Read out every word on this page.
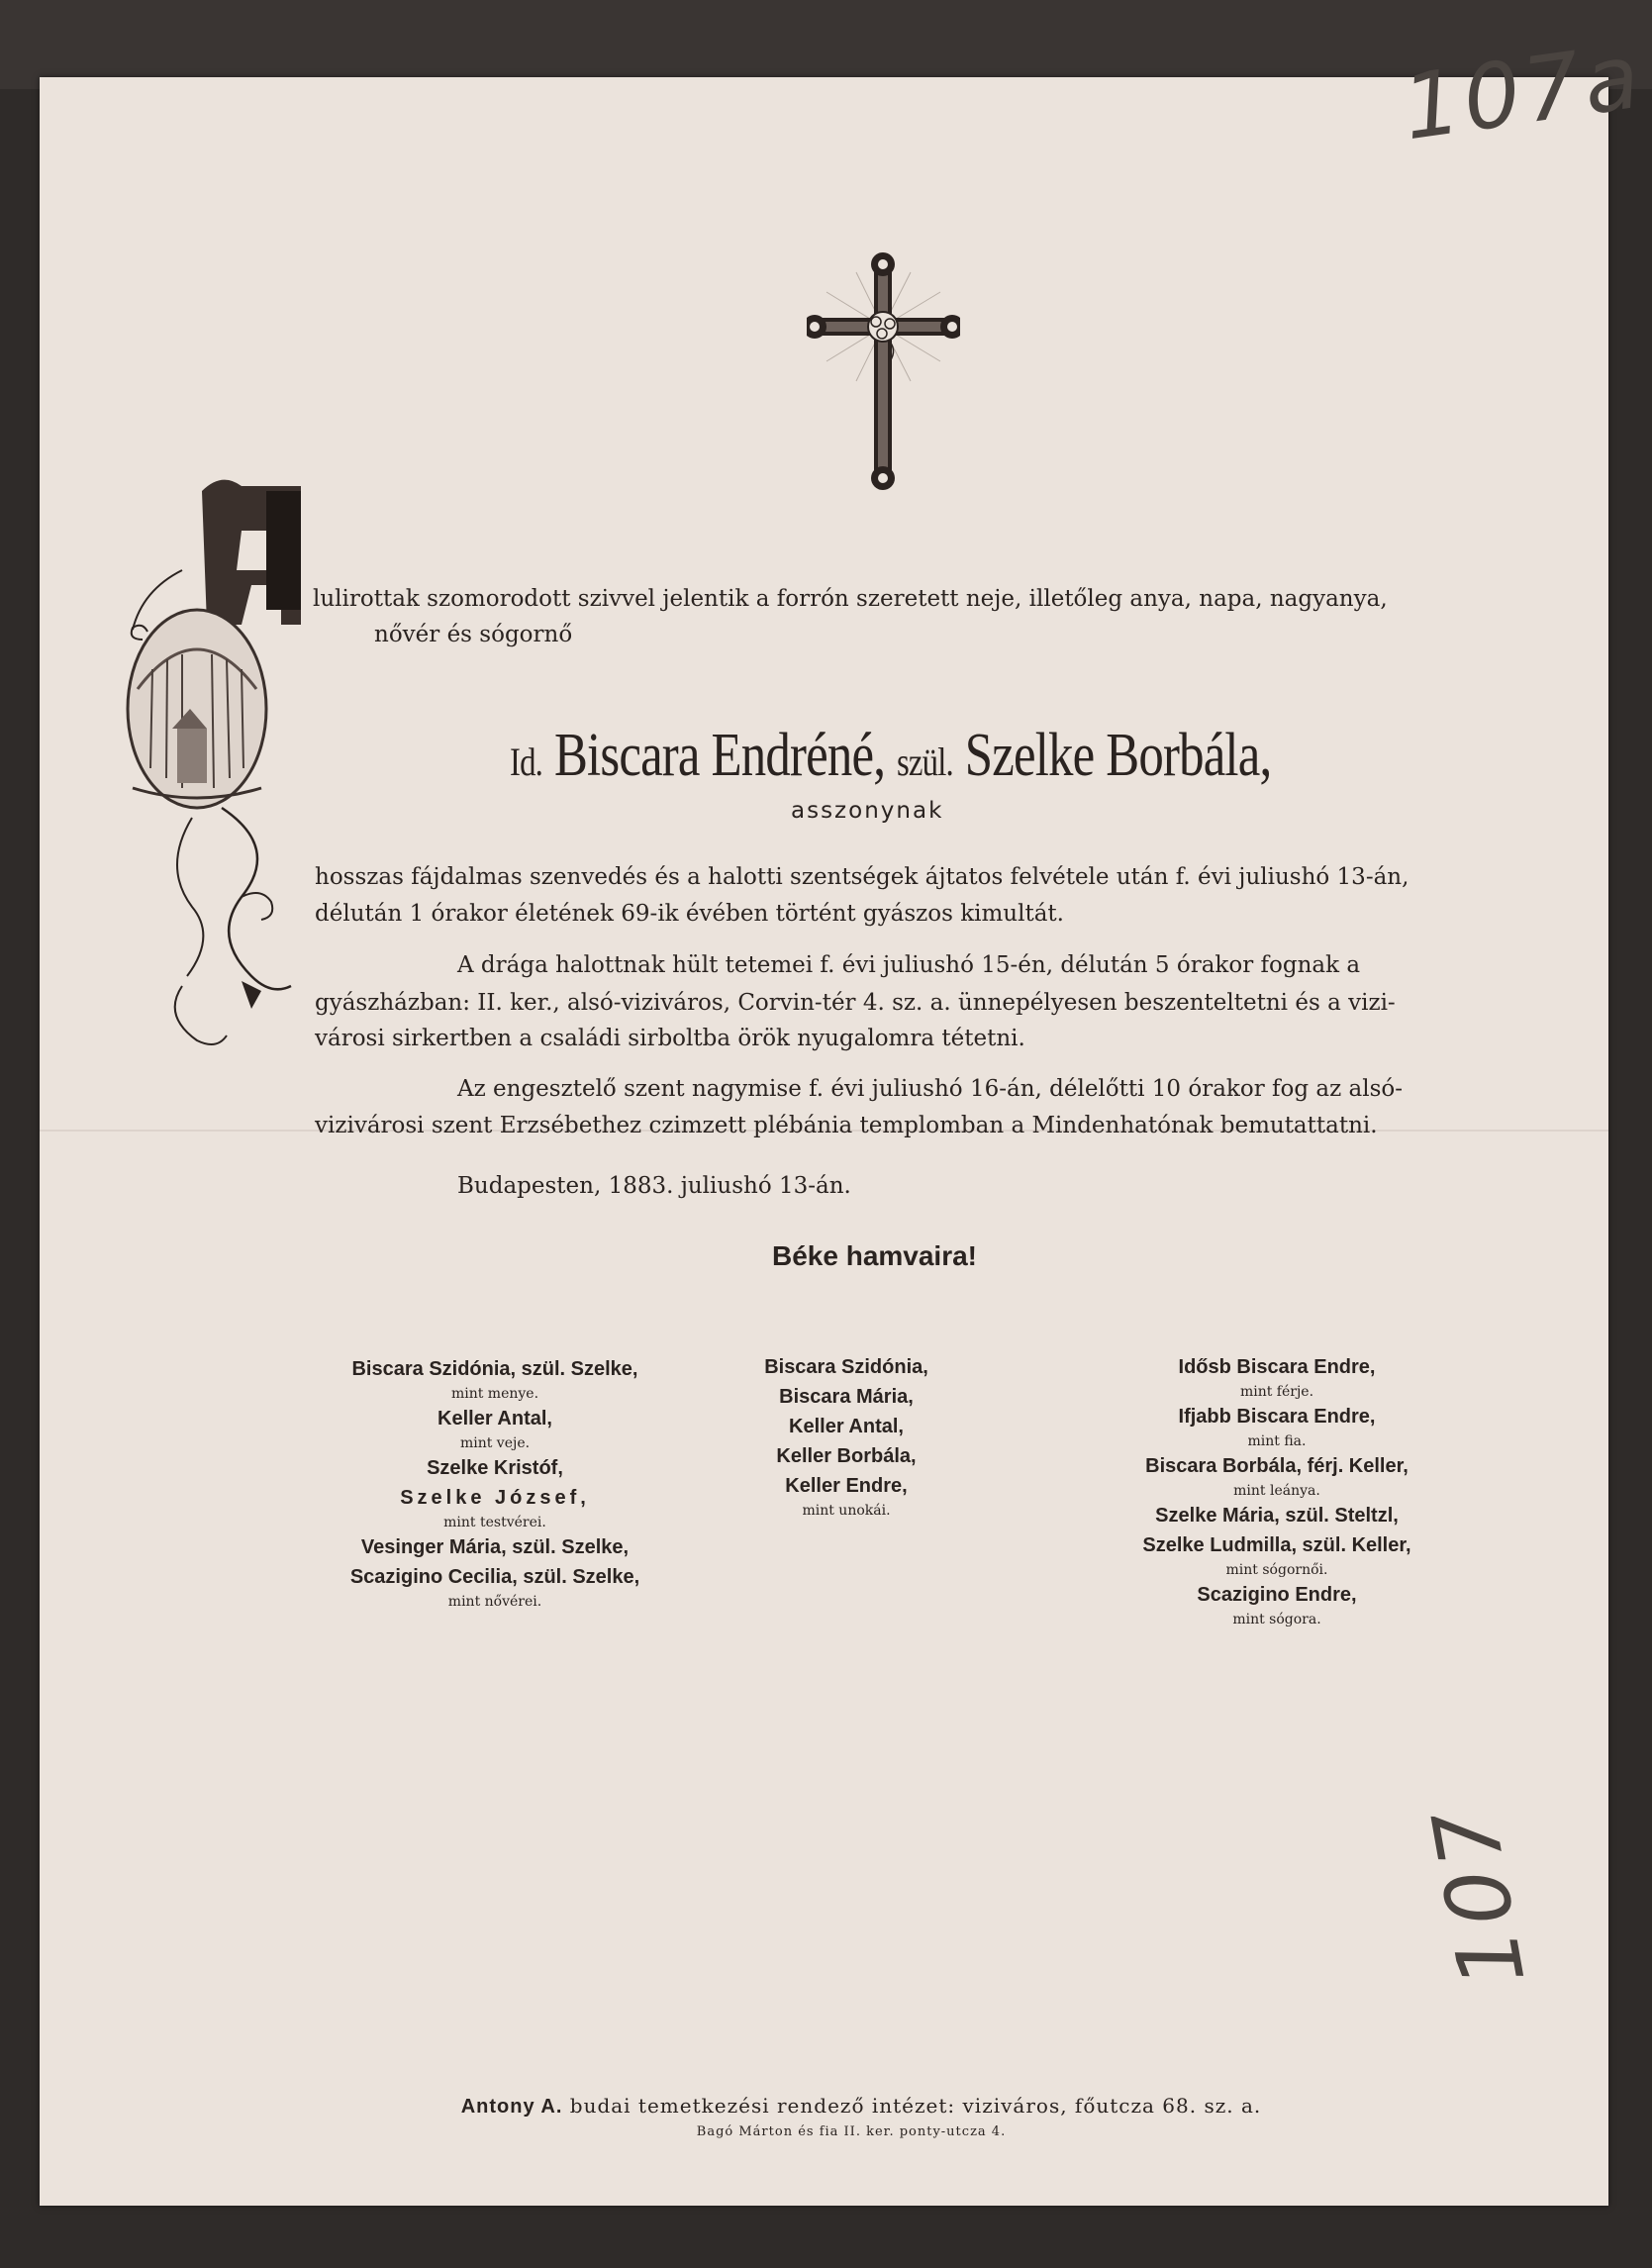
107a
107
lulirottak szomorodott szivvel jelentik a forrón szeretett neje, illetőleg anya, napa, nagyanya,
nővér és sógornő
Id. Biscara Endréné, szül. Szelke Borbála,
asszonynak
hosszas fájdalmas szenvedés és a halotti szentségek ájtatos felvétele után f. évi juliushó 13-án,
délután 1 órakor életének 69-ik évében történt gyászos kimultát.
A drága halottnak hült tetemei f. évi juliushó 15-én, délután 5 órakor fognak a
gyászházban: II. ker., alsó-viziváros, Corvin-tér 4. sz. a. ünnepélyesen beszenteltetni és a vizi-
városi sirkertben a családi sirboltba örök nyugalomra tétetni.
Az engesztelő szent nagymise f. évi juliushó 16-án, délelőtti 10 órakor fog az alsó-
vizivárosi szent Erzsébethez czimzett plébánia templomban a Mindenhatónak bemutattatni.
Budapesten, 1883. juliushó 13-án.
Béke hamvaira!
Biscara Szidónia, szül. Szelke,
mint menye.
Keller Antal,
mint veje.
Szelke Kristóf,
Szelke József,
mint testvérei.
Vesinger Mária, szül. Szelke,
Scazigino Cecilia, szül. Szelke,
mint nővérei.
Biscara Szidónia,
Biscara Mária,
Keller Antal,
Keller Borbála,
Keller Endre,
mint unokái.
Idősb Biscara Endre,
mint férje.
Ifjabb Biscara Endre,
mint fia.
Biscara Borbála, férj. Keller,
mint leánya.
Szelke Mária, szül. Steltzl,
Szelke Ludmilla, szül. Keller,
mint sógornői.
Scazigino Endre,
mint sógora.
Antony A. budai temetkezési rendező intézet: viziváros, főutcza 68. sz. a.
Bagó Márton és fia II. ker. ponty-utcza 4.
